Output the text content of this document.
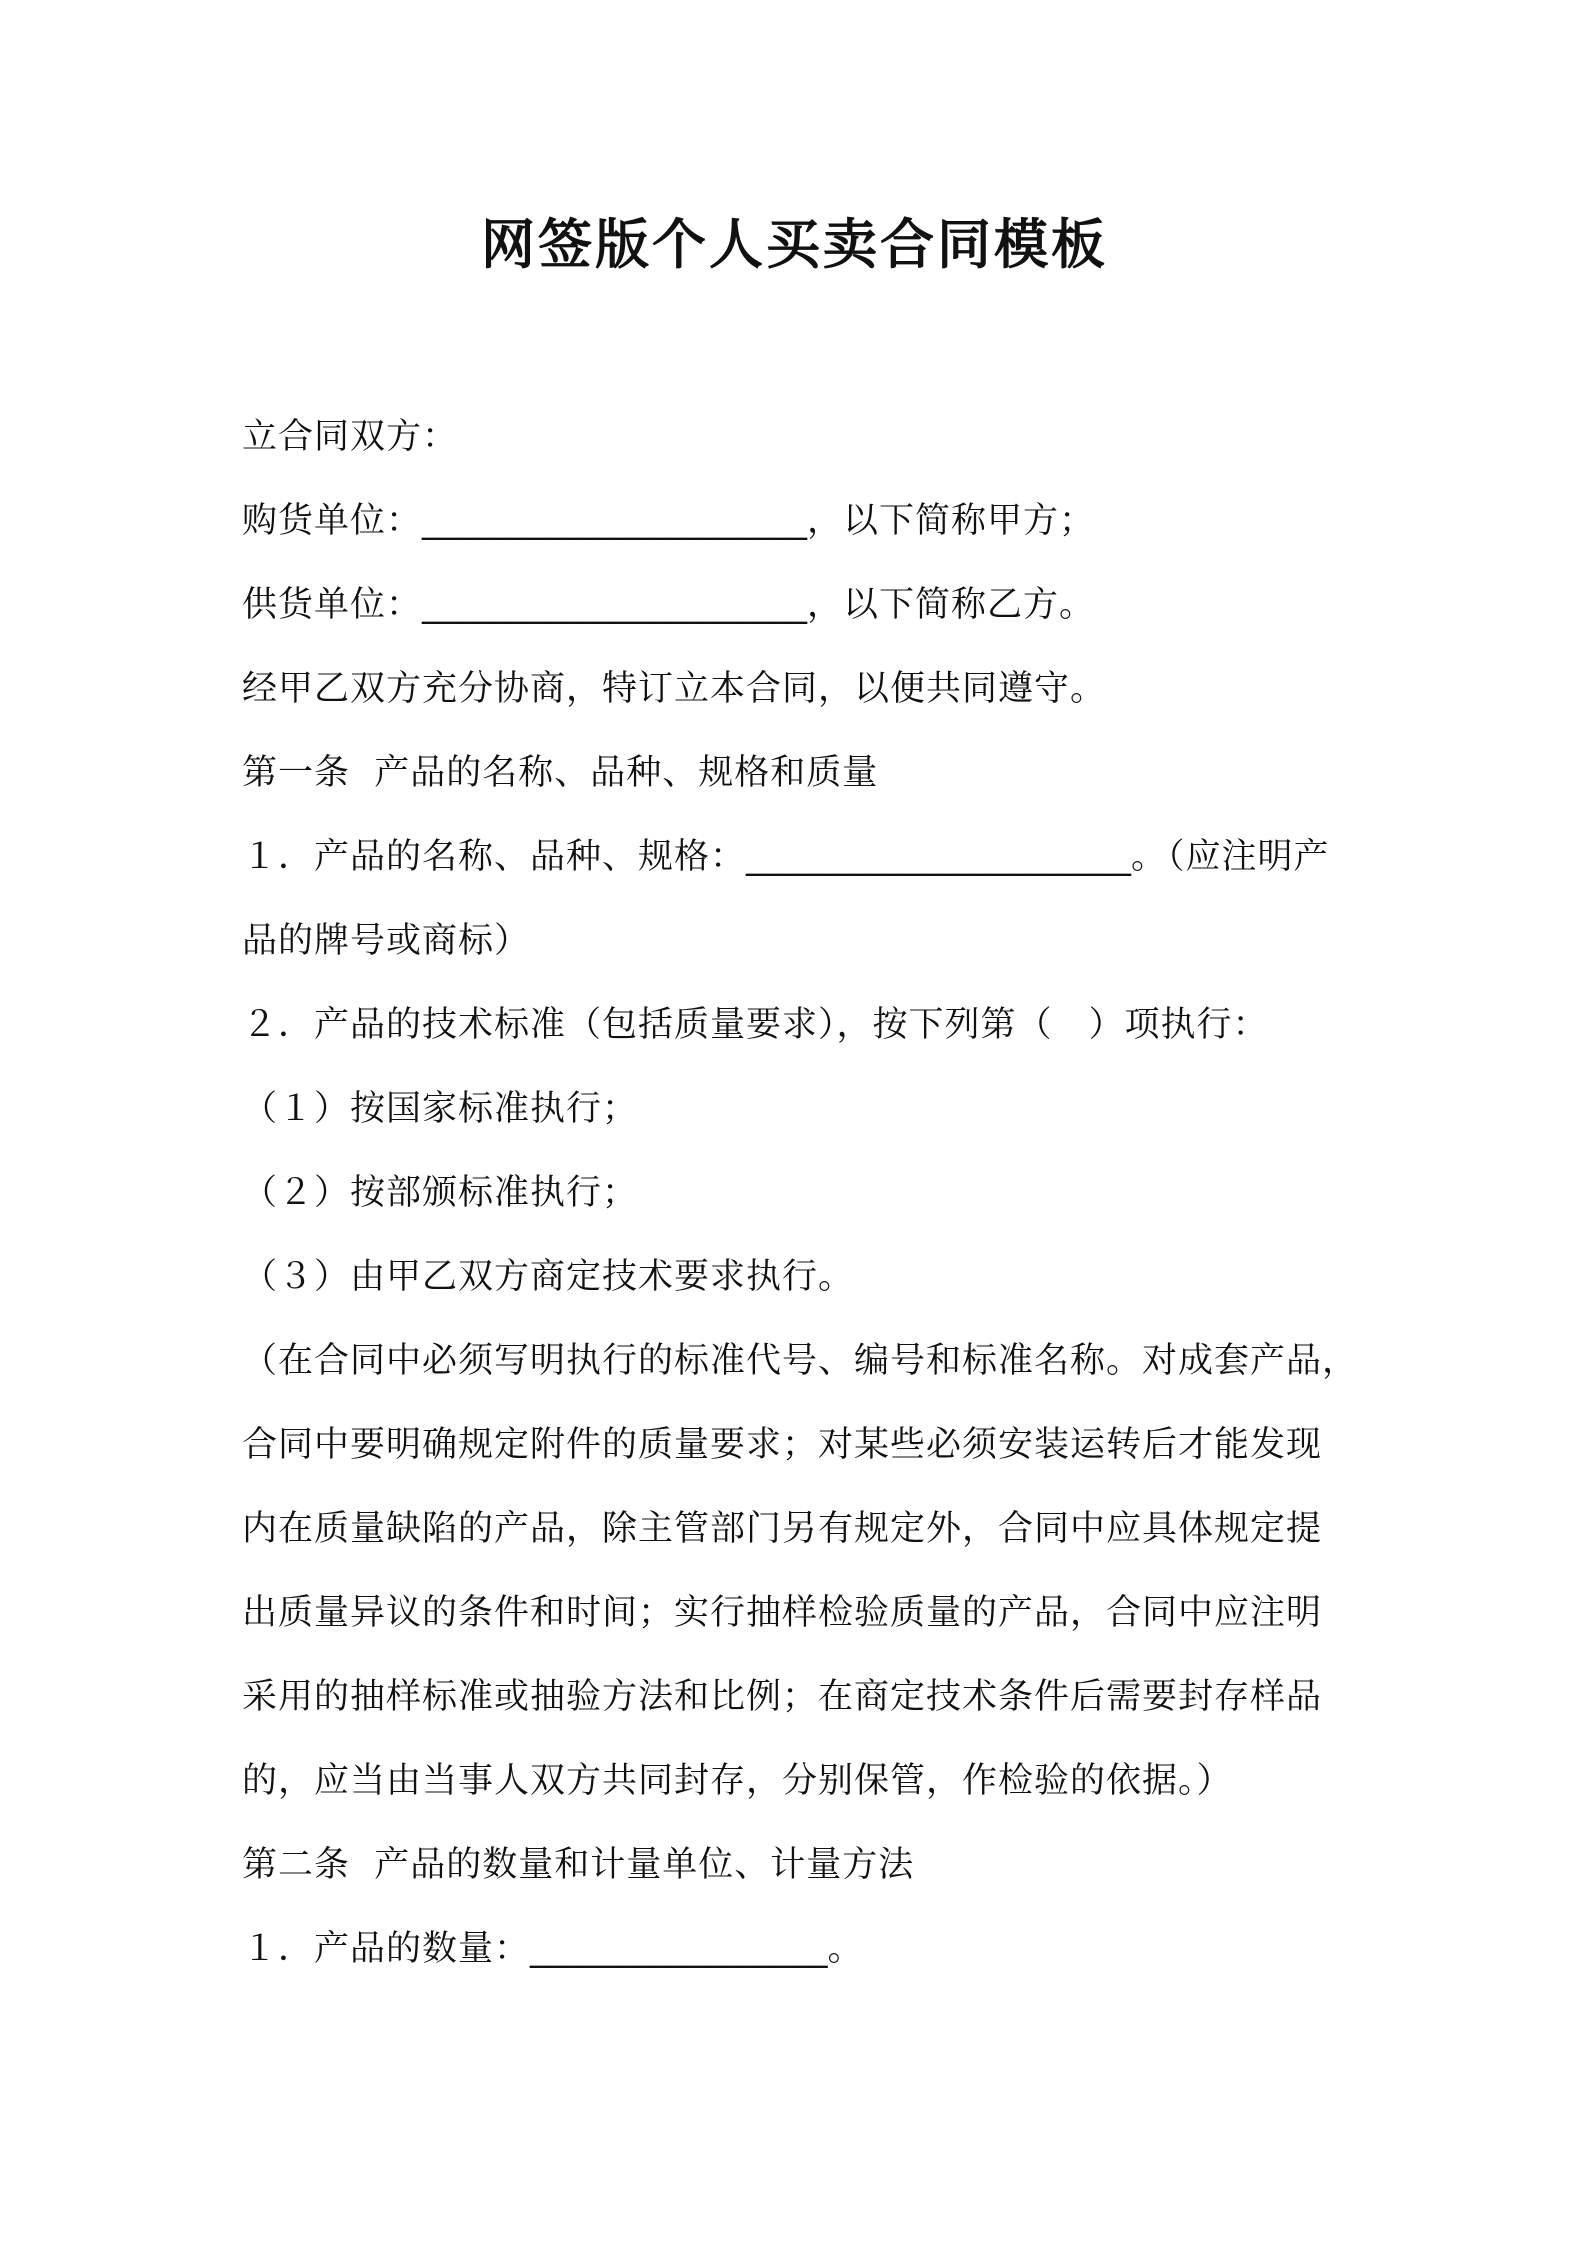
网签版个人买卖合同模板
立合同双方：
购货单位：______________________，以下简称甲方；
供货单位：______________________，以下简称乙方。
经甲乙双方充分协商，特订立本合同，以便共同遵守。
第一条  产品的名称、品种、规格和质量
１．产品的名称、品种、规格：______________________。（应注明产
品的牌号或商标）
２．产品的技术标准（包括质量要求），按下列第（　）项执行：
（１）按国家标准执行；
（２）按部颁标准执行；
（３）由甲乙双方商定技术要求执行。
（在合同中必须写明执行的标准代号、编号和标准名称。对成套产品，
合同中要明确规定附件的质量要求；对某些必须安装运转后才能发现
内在质量缺陷的产品，除主管部门另有规定外，合同中应具体规定提
出质量异议的条件和时间；实行抽样检验质量的产品，合同中应注明
采用的抽样标准或抽验方法和比例；在商定技术条件后需要封存样品
的，应当由当事人双方共同封存，分别保管，作检验的依据。）
第二条  产品的数量和计量单位、计量方法
１．产品的数量：_________________。
